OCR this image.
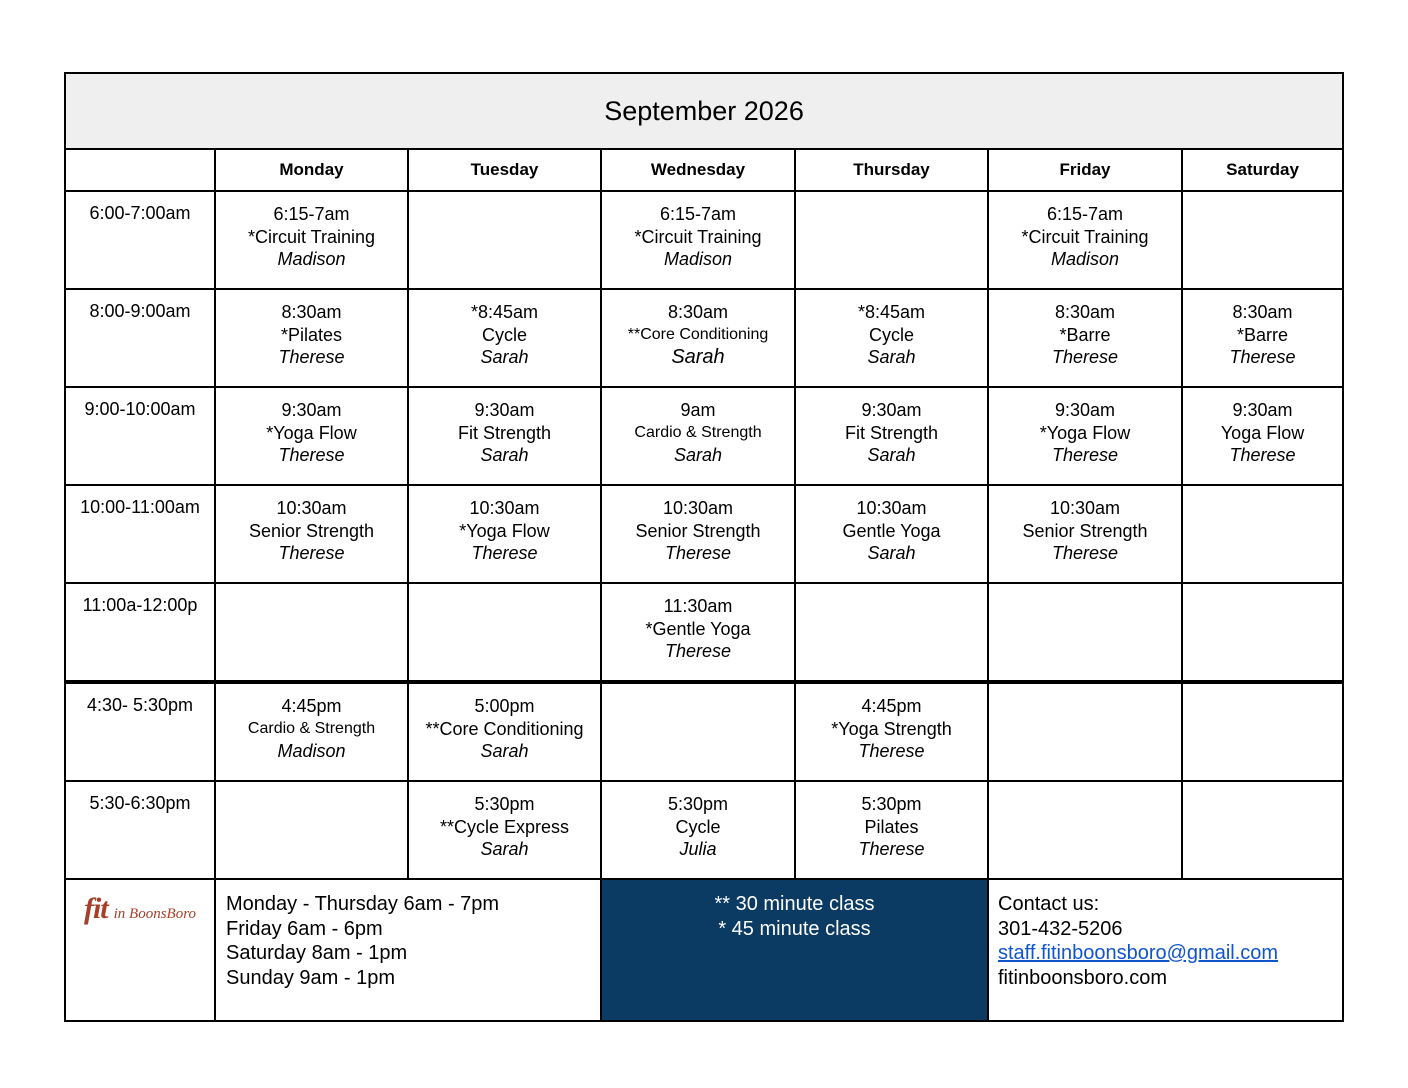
September 2026						
	Monday	Tuesday	Wednesday	Thursday	Friday	Saturday
6:00-7:00am	6:15-7am
*Circuit Training
Madison		6:15-7am
*Circuit Training
Madison		6:15-7am
*Circuit Training
Madison	

8:00-9:00am	8:30am
*Pilates
Therese	*8:45am
Cycle
Sarah	8:30am
**Core Conditioning
Sarah	*8:45am
Cycle
Sarah	8:30am
*Barre
Therese	8:30am
*Barre
Therese

9:00-10:00am	9:30am
*Yoga Flow
Therese	9:30am
Fit Strength
Sarah	9am
Cardio & Strength
Sarah	9:30am
Fit Strength
Sarah	9:30am
*Yoga Flow
Therese	9:30am
Yoga Flow
Therese

10:00-11:00am	10:30am
Senior Strength
Therese	10:30am
*Yoga Flow
Therese	10:30am
Senior Strength
Therese	10:30am
Gentle Yoga
Sarah	10:30am
Senior Strength
Therese	

11:00a-12:00p			11:30am
*Gentle Yoga
Therese			

4:30- 5:30pm	4:45pm
Cardio & Strength
Madison	5:00pm
**Core Conditioning
Sarah		4:45pm
*Yoga Strength
Therese		

5:30-6:30pm		5:30pm
**Cycle Express
Sarah	5:30pm
Cycle
Julia	5:30pm
Pilates
Therese		

fit in BoonsBoro	Monday - Thursday 6am - 7pm
Friday 6am - 6pm
Saturday 8am - 1pm
Sunday 9am - 1pm		** 30 minute class
* 45 minute class		Contact us:
301-432-5206
staff.fitinboonsboro@gmail.com
fitinboonsboro.com	
